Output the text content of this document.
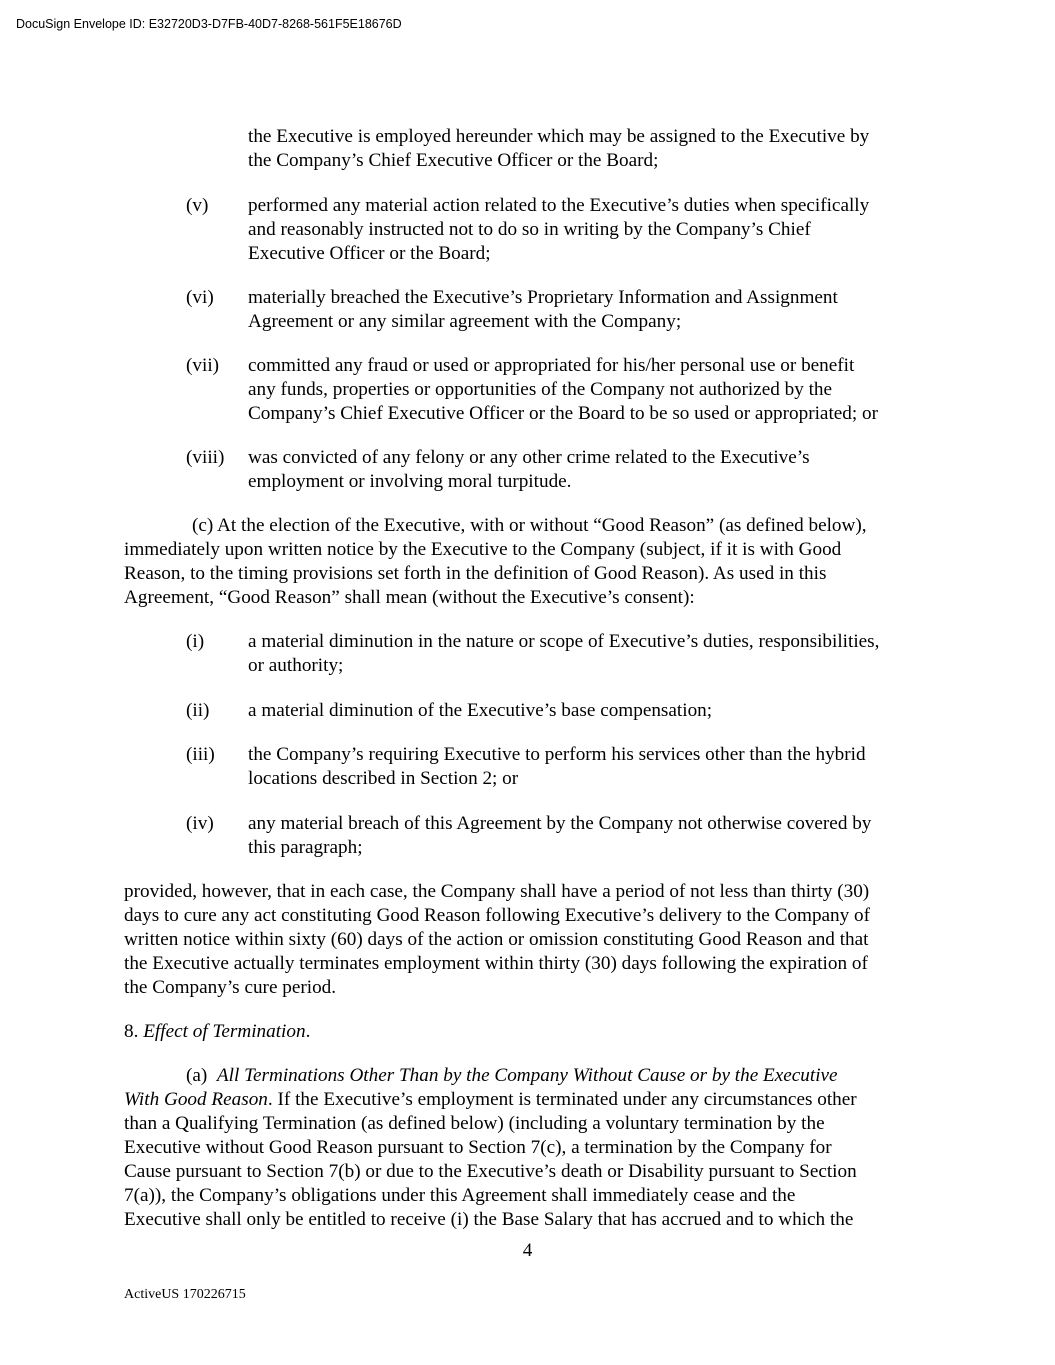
DocuSign Envelope ID: E32720D3-D7FB-40D7-8268-561F5E18676D
the Executive is employed hereunder which may be assigned to the Executive by
the Company’s Chief Executive Officer or the Board;
(v) performed any material action related to the Executive’s duties when specifically
and reasonably instructed not to do so in writing by the Company’s Chief
Executive Officer or the Board;
(vi) materially breached the Executive’s Proprietary Information and Assignment
Agreement or any similar agreement with the Company;
(vii) committed any fraud or used or appropriated for his/her personal use or benefit
any funds, properties or opportunities of the Company not authorized by the
Company’s Chief Executive Officer or the Board to be so used or appropriated; or
(viii) was convicted of any felony or any other crime related to the Executive’s
employment or involving moral turpitude.
(c) At the election of the Executive, with or without “Good Reason” (as defined below),
immediately upon written notice by the Executive to the Company (subject, if it is with Good
Reason, to the timing provisions set forth in the definition of Good Reason). As used in this
Agreement, “Good Reason” shall mean (without the Executive’s consent):
(i) a material diminution in the nature or scope of Executive’s duties, responsibilities,
or authority;
(ii) a material diminution of the Executive’s base compensation;
(iii) the Company’s requiring Executive to perform his services other than the hybrid
locations described in Section 2; or
(iv) any material breach of this Agreement by the Company not otherwise covered by
this paragraph;
provided, however, that in each case, the Company shall have a period of not less than thirty (30)
days to cure any act constituting Good Reason following Executive’s delivery to the Company of
written notice within sixty (60) days of the action or omission constituting Good Reason and that
the Executive actually terminates employment within thirty (30) days following the expiration of
the Company’s cure period.
8. Effect of Termination.
(a) All Terminations Other Than by the Company Without Cause or by the Executive
With Good Reason. If the Executive’s employment is terminated under any circumstances other
than a Qualifying Termination (as defined below) (including a voluntary termination by the
Executive without Good Reason pursuant to Section 7(c), a termination by the Company for
Cause pursuant to Section 7(b) or due to the Executive’s death or Disability pursuant to Section
7(a)), the Company’s obligations under this Agreement shall immediately cease and the
Executive shall only be entitled to receive (i) the Base Salary that has accrued and to which the
4
ActiveUS 170226715
